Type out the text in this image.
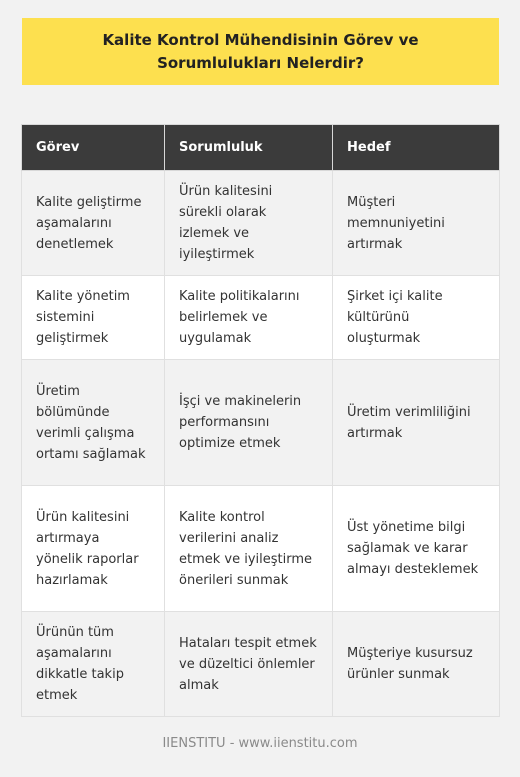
Kalite Kontrol Mühendisinin Görev ve Sorumlulukları Nelerdir?
Görev	Sorumluluk	Hedef
Kalite geliştirme aşamalarını denetlemek	Ürün kalitesini sürekli olarak izlemek ve iyileştirmek	Müşteri memnuniyetini artırmak
Kalite yönetim sistemini geliştirmek	Kalite politikalarını belirlemek ve uygulamak	Şirket içi kalite kültürünü oluşturmak
Üretim bölümünde verimli çalışma ortamı sağlamak	İşçi ve makinelerin performansını optimize etmek	Üretim verimliliğini artırmak
Ürün kalitesini artırmaya yönelik raporlar hazırlamak	Kalite kontrol verilerini analiz etmek ve iyileştirme önerileri sunmak	Üst yönetime bilgi sağlamak ve karar almayı desteklemek
Ürünün tüm aşamalarını dikkatle takip etmek	Hataları tespit etmek ve düzeltici önlemler almak	Müşteriye kusursuz ürünler sunmak
IIENSTITU - www.iienstitu.com
